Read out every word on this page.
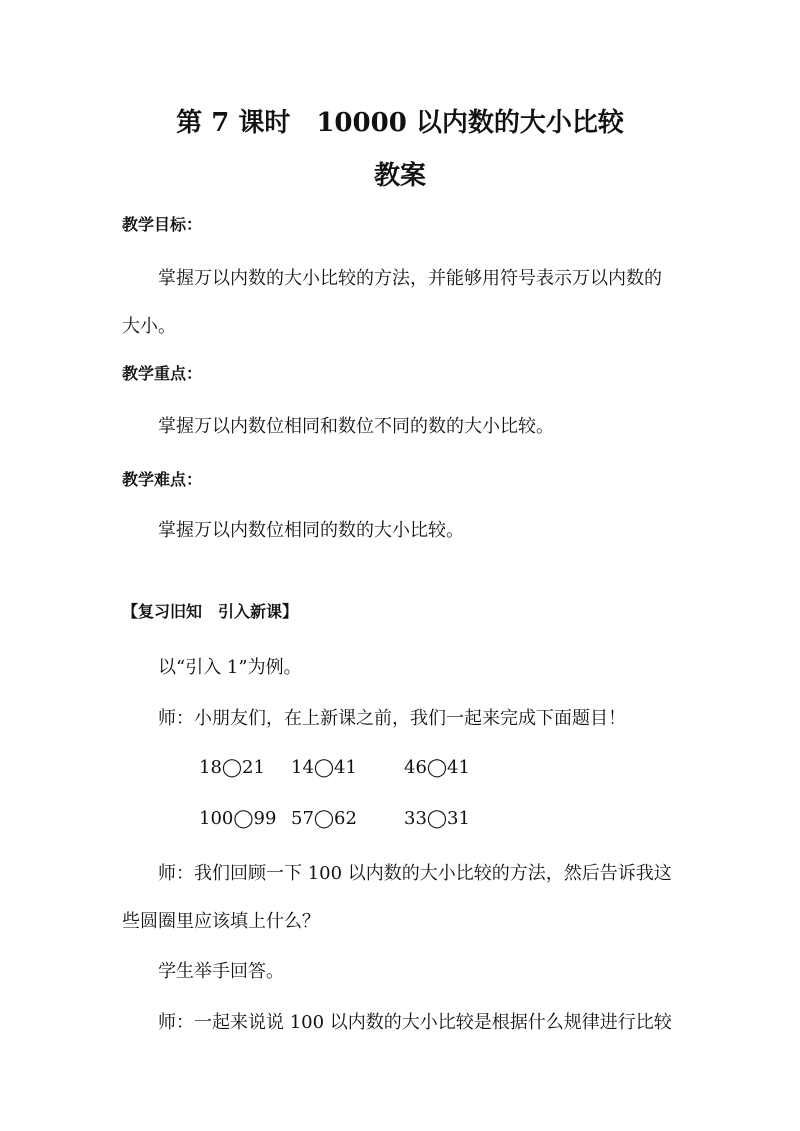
第 7 课时　10000 以内数的大小比较
教案
教学目标：
掌握万以内数的大小比较的方法，并能够用符号表示万以内数的
大小。
教学重点：
掌握万以内数位相同和数位不同的数的大小比较。
教学难点：
掌握万以内数位相同的数的大小比较。
【复习旧知　引入新课】
以“引入 1”为例。
师：小朋友们，在上新课之前，我们一起来完成下面题目！
18◯21 14◯41	46◯41
100◯99 57◯62	33◯31
师：我们回顾一下 100 以内数的大小比较的方法，然后告诉我这
些圆圈里应该填上什么？
学生举手回答。
师：一起来说说 100 以内数的大小比较是根据什么规律进行比较
